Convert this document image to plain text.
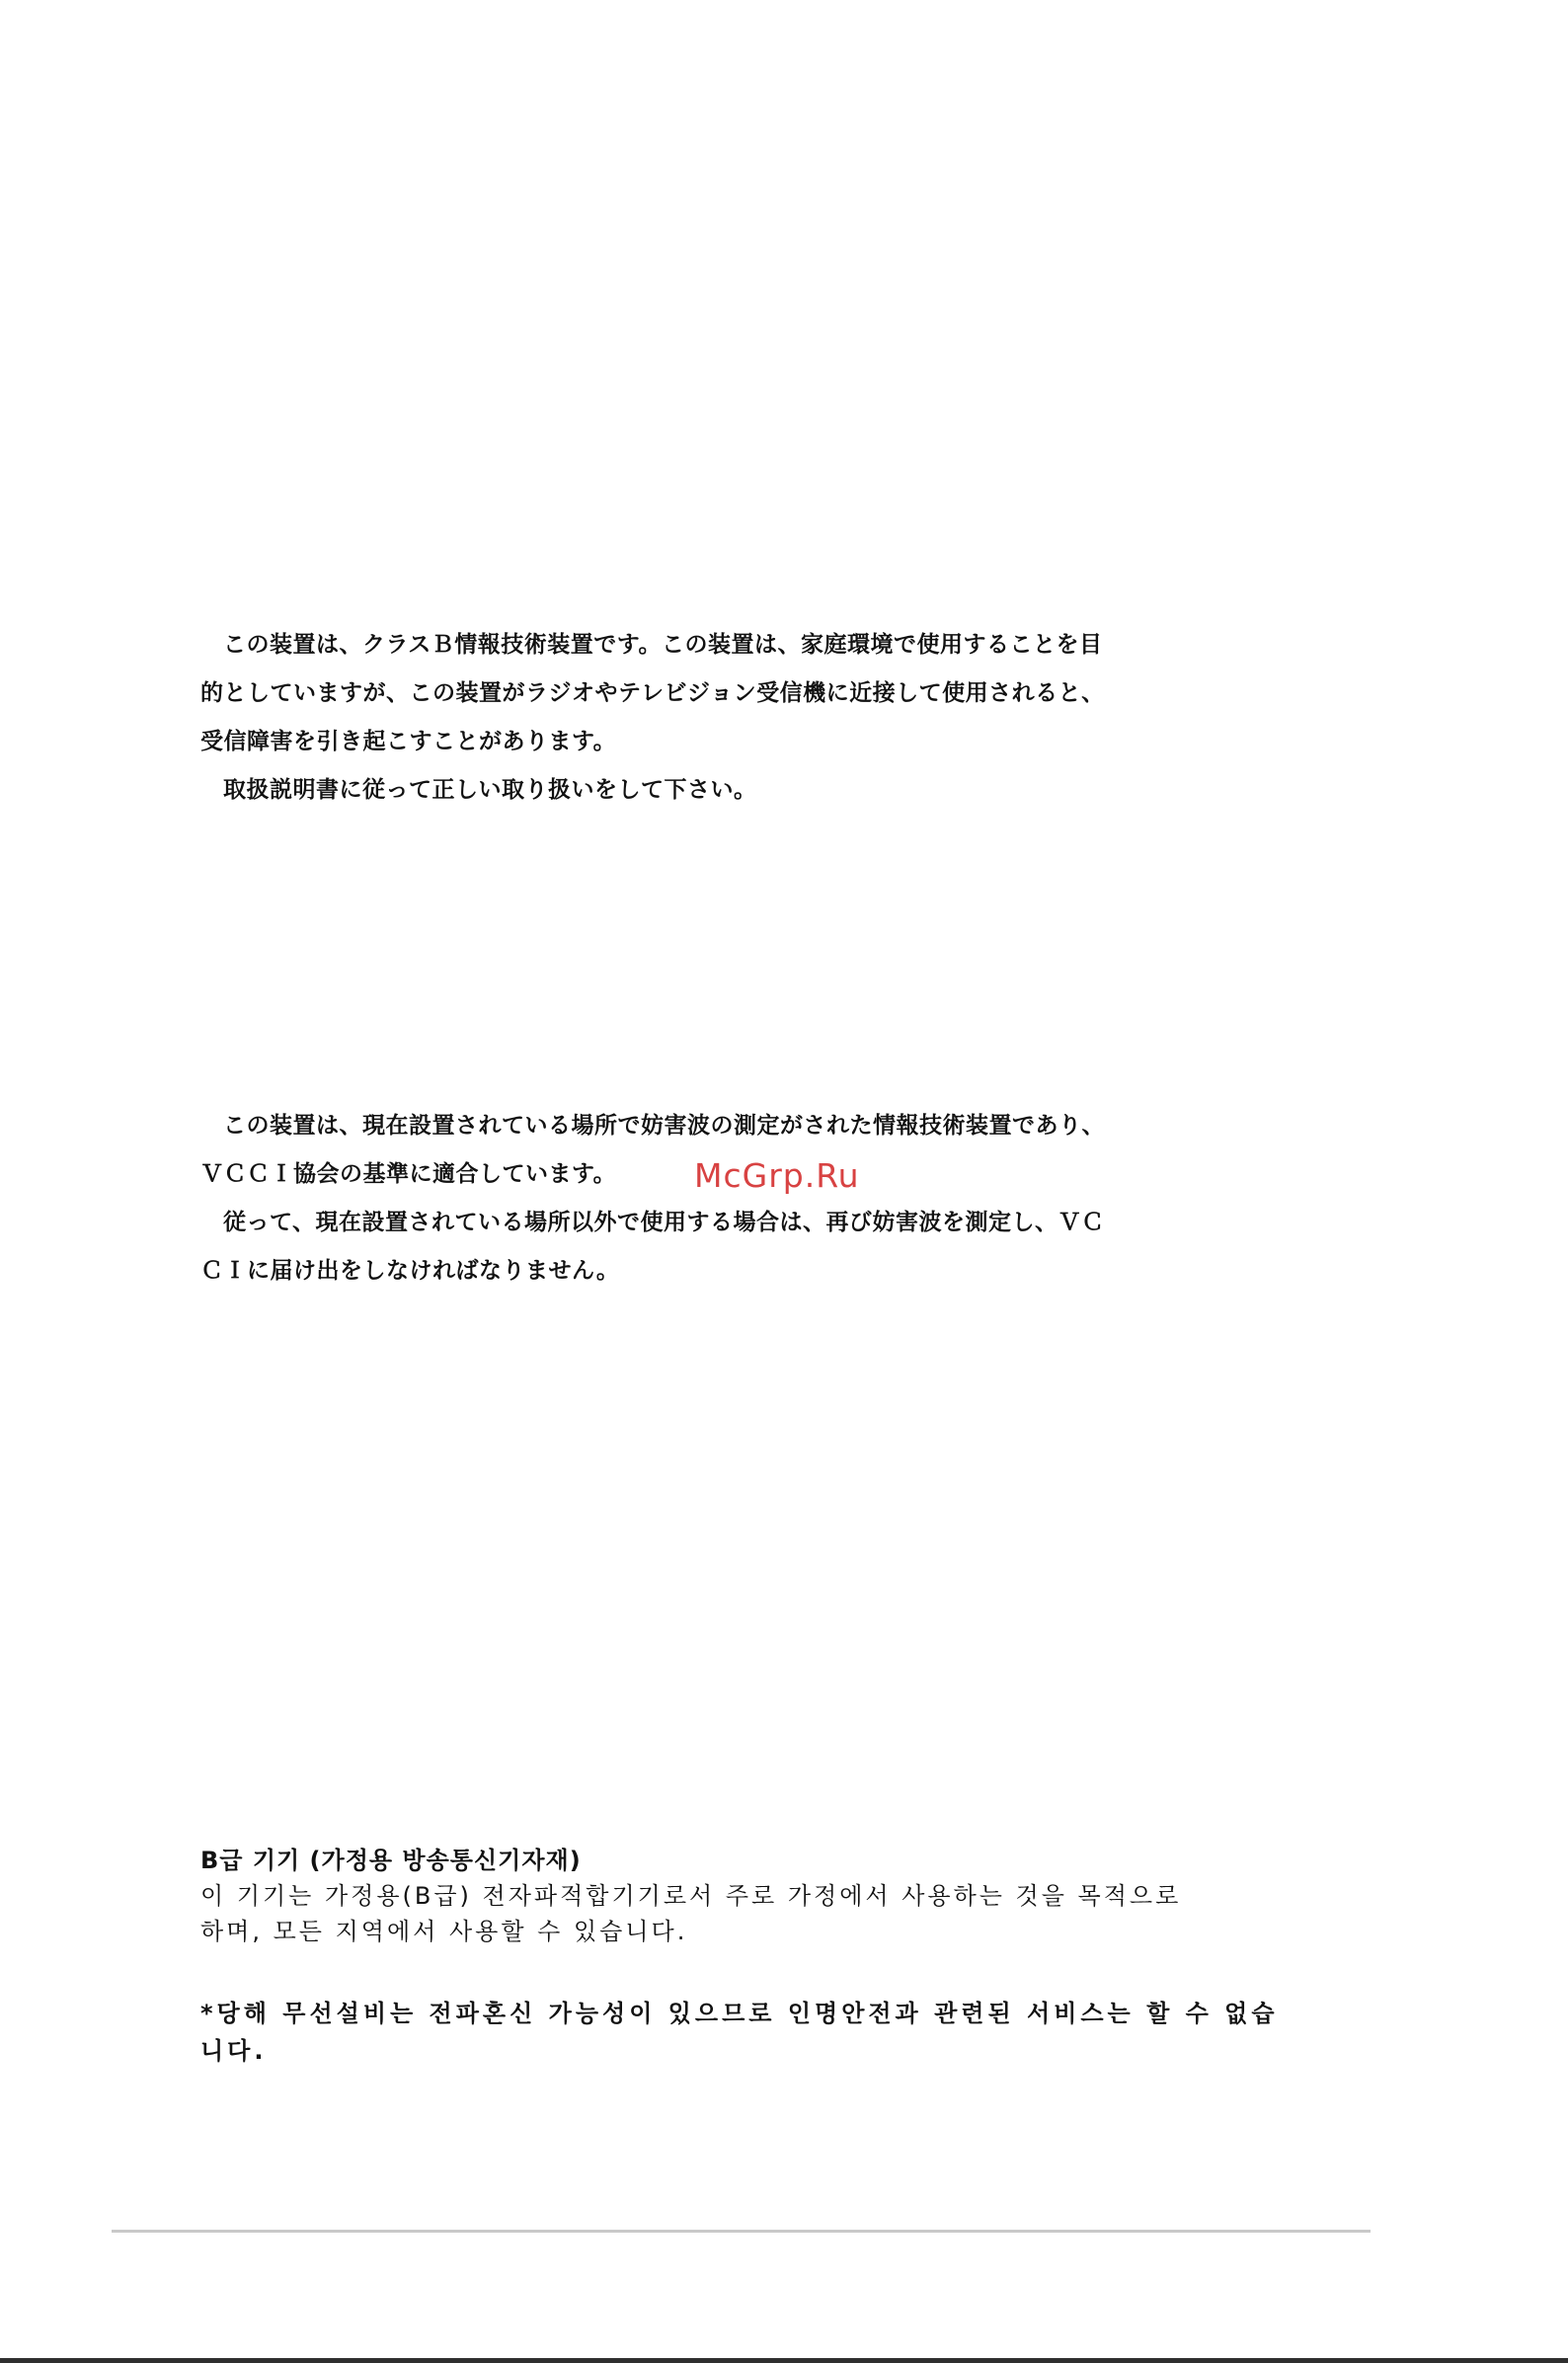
この装置は、クラスＢ情報技術装置です。この装置は、家庭環境で使用することを目
的としていますが、この装置がラジオやテレビジョン受信機に近接して使用されると、
受信障害を引き起こすことがあります。
取扱説明書に従って正しい取り扱いをして下さい。
この装置は、現在設置されている場所で妨害波の測定がされた情報技術装置であり、
ＶＣＣＩ協会の基準に適合しています。
従って、現在設置されている場所以外で使用する場合は、再び妨害波を測定し、ＶＣ
ＣＩに届け出をしなければなりません。
McGrp.Ru
B급 기기 (가정용 방송통신기자재)
이 기기는 가정용(B급) 전자파적합기기로서 주로 가정에서 사용하는 것을 목적으로
하며, 모든 지역에서 사용할 수 있습니다.
*당해 무선설비는 전파혼신 가능성이 있으므로 인명안전과 관련된 서비스는 할 수 없습
니다.
